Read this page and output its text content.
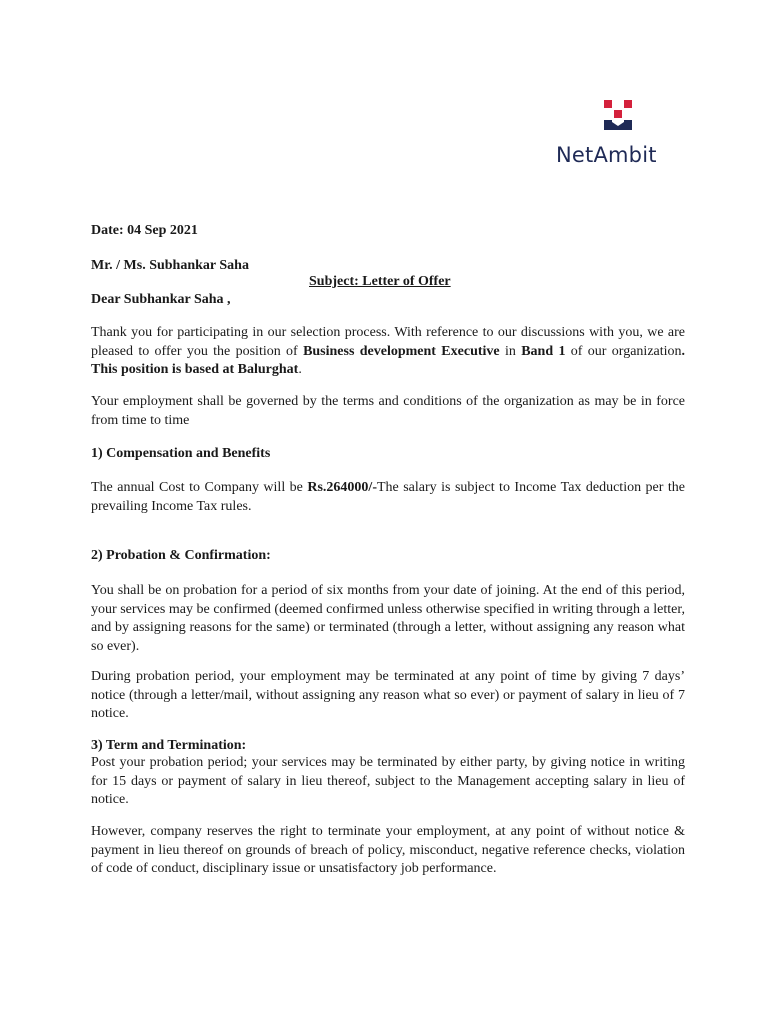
NetAmbit
Date: 04 Sep 2021
Mr. / Ms. Subhankar Saha
Subject: Letter of Offer
Dear Subhankar Saha ,
Thank you for participating in our selection process. With reference to our discussions with you, we are pleased to offer you the position of Business development Executive in Band 1 of our organization. This position is based at Balurghat.
Your employment shall be governed by the terms and conditions of the organization as may be in force from time to time
1) Compensation and Benefits
The annual Cost to Company will be Rs.264000/-The salary is subject to Income Tax deduction per the prevailing Income Tax rules.
2) Probation & Confirmation:
You shall be on probation for a period of six months from your date of joining. At the end of this period, your services may be confirmed (deemed confirmed unless otherwise specified in writing through a letter, and by assigning reasons for the same) or terminated (through a letter, without assigning any reason what so ever).
During probation period, your employment may be terminated at any point of time by giving 7 days’ notice (through a letter/mail, without assigning any reason what so ever) or payment of salary in lieu of 7 notice.
3) Term and Termination:
Post your probation period; your services may be terminated by either party, by giving notice in writing for 15 days or payment of salary in lieu thereof, subject to the Management accepting salary in lieu of notice.
However, company reserves the right to terminate your employment, at any point of without notice & payment in lieu thereof on grounds of breach of policy, misconduct, negative reference checks, violation of code of conduct, disciplinary issue or unsatisfactory job performance.
